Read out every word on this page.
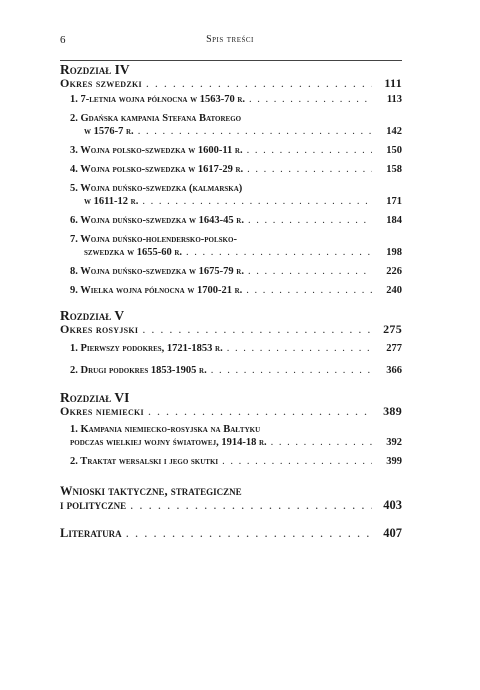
6	Spis treści
Rozdział IV
Okres szwedzki . . .	111
1. 7-letnia wojna północna w 1563-70 r. . . .	113
2. Gdańska kampania Stefana Batorego
w 1576-7 r. . . .	142
3. Wojna polsko-szwedzka w 1600-11 r. . . .	150
4. Wojna polsko-szwedzka w 1617-29 r. . . .	158
5. Wojna duńsko-szwedzka (kalmarska)
w 1611-12 r. . . .	171
6. Wojna duńsko-szwedzka w 1643-45 r. . . .	184
7. Wojna duńsko-holendersko-polsko-
szwedzka w 1655-60 r. . . .	198
8. Wojna duńsko-szwedzka w 1675-79 r. . . .	226
9. Wielka wojna północna w 1700-21 r. . . .	240
Rozdział V
Okres rosyjski . . .	275
1. Pierwszy podokres, 1721-1853 r. . . .	277
2. Drugi podokres 1853-1905 r. . . .	366
Rozdział VI
Okres niemiecki . . .	389
1. Kampania niemiecko-rosyjska na Bałtyku
podczas wielkiej wojny światowej, 1914-18 r. . . .	392
2. Traktat wersalski i jego skutki . . .	399
Wnioski taktyczne, strategiczne
i polityczne . . .	403
Literatura . . .	407
